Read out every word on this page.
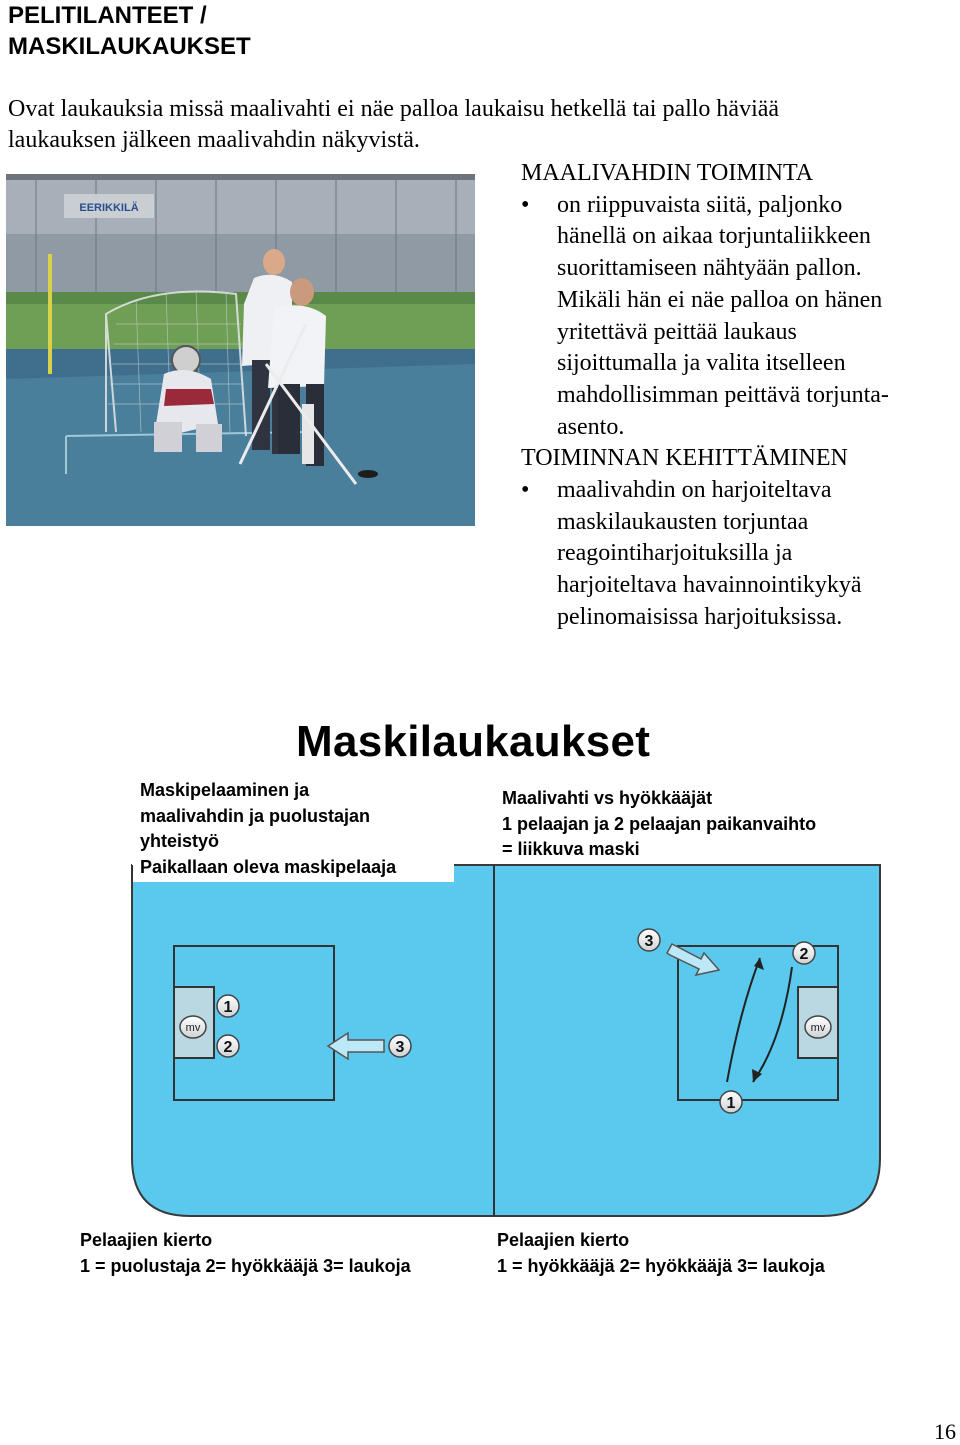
PELITILANTEET /
MASKILAUKAUKSET
Ovat laukauksia missä maalivahti ei näe palloa laukaisu hetkellä tai pallo häviää
laukauksen jälkeen maalivahdin näkyvistä.
EERIKKILÄ
MAALIVAHDIN TOIMINTA
• on riippuvaista siitä, paljonko
hänellä on aikaa torjuntaliikkeen
suorittamiseen nähtyään pallon.
Mikäli hän ei näe palloa on hänen
yritettävä peittää laukaus
sijoittumalla ja valita itselleen
mahdollisimman peittävä torjunta-
asento.
TOIMINNAN KEHITTÄMINEN
• maalivahdin on harjoiteltava
maskilaukausten torjuntaa
reagointiharjoituksilla ja
harjoiteltava havainnointikykyä
pelinomaisissa harjoituksissa.
Maskilaukaukset
mv	mv
1
2	3
3
2
1
Maskipelaaminen ja
maalivahdin ja puolustajan
yhteistyö
Paikallaan oleva maskipelaaja
Maalivahti vs hyökkääjät
1 pelaajan ja 2 pelaajan paikanvaihto
= liikkuva maski
Pelaajien kierto
1 = puolustaja 2= hyökkääjä 3= laukoja
Pelaajien kierto
1 = hyökkääjä 2= hyökkääjä 3= laukoja
16
